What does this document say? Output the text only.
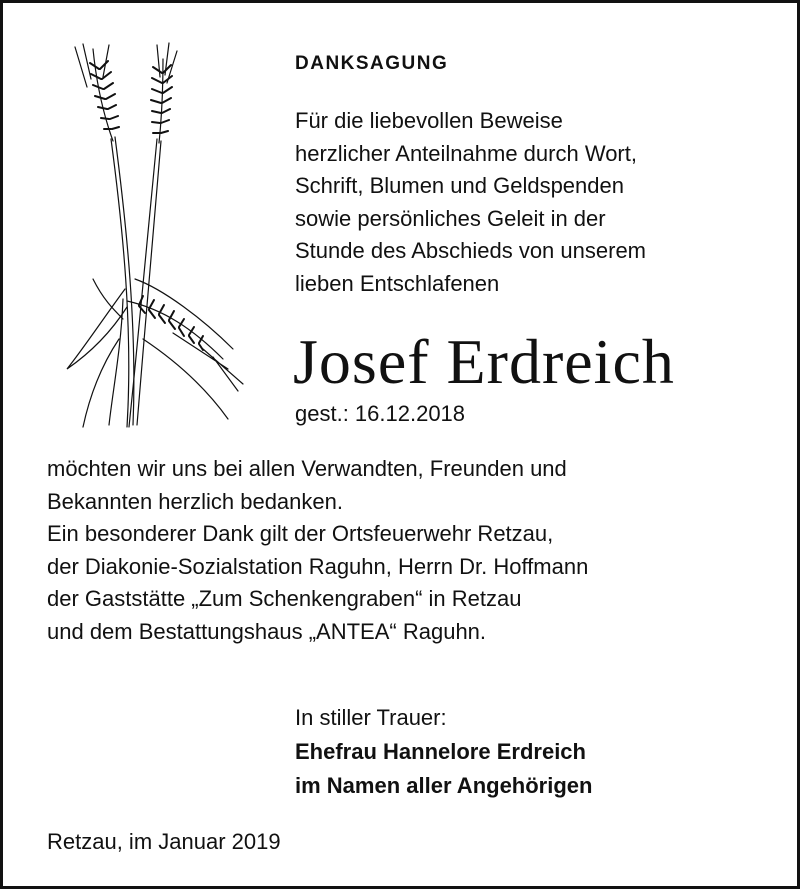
DANKSAGUNG
Für die liebevollen Beweise
herzlicher Anteilnahme durch Wort,
Schrift, Blumen und Geldspenden
sowie persönliches Geleit in der
Stunde des Abschieds von unserem
lieben Entschlafenen
Josef Erdreich
gest.: 16.12.2018
möchten wir uns bei allen Verwandten, Freunden und
Bekannten herzlich bedanken.
Ein besonderer Dank gilt der Ortsfeuerwehr Retzau,
der Diakonie-Sozialstation Raguhn, Herrn Dr. Hoffmann
der Gaststätte „Zum Schenkengraben“ in Retzau
und dem Bestattungshaus „ANTEA“ Raguhn.
In stiller Trauer:
Ehefrau Hannelore Erdreich
im Namen aller Angehörigen
Retzau, im Januar 2019
